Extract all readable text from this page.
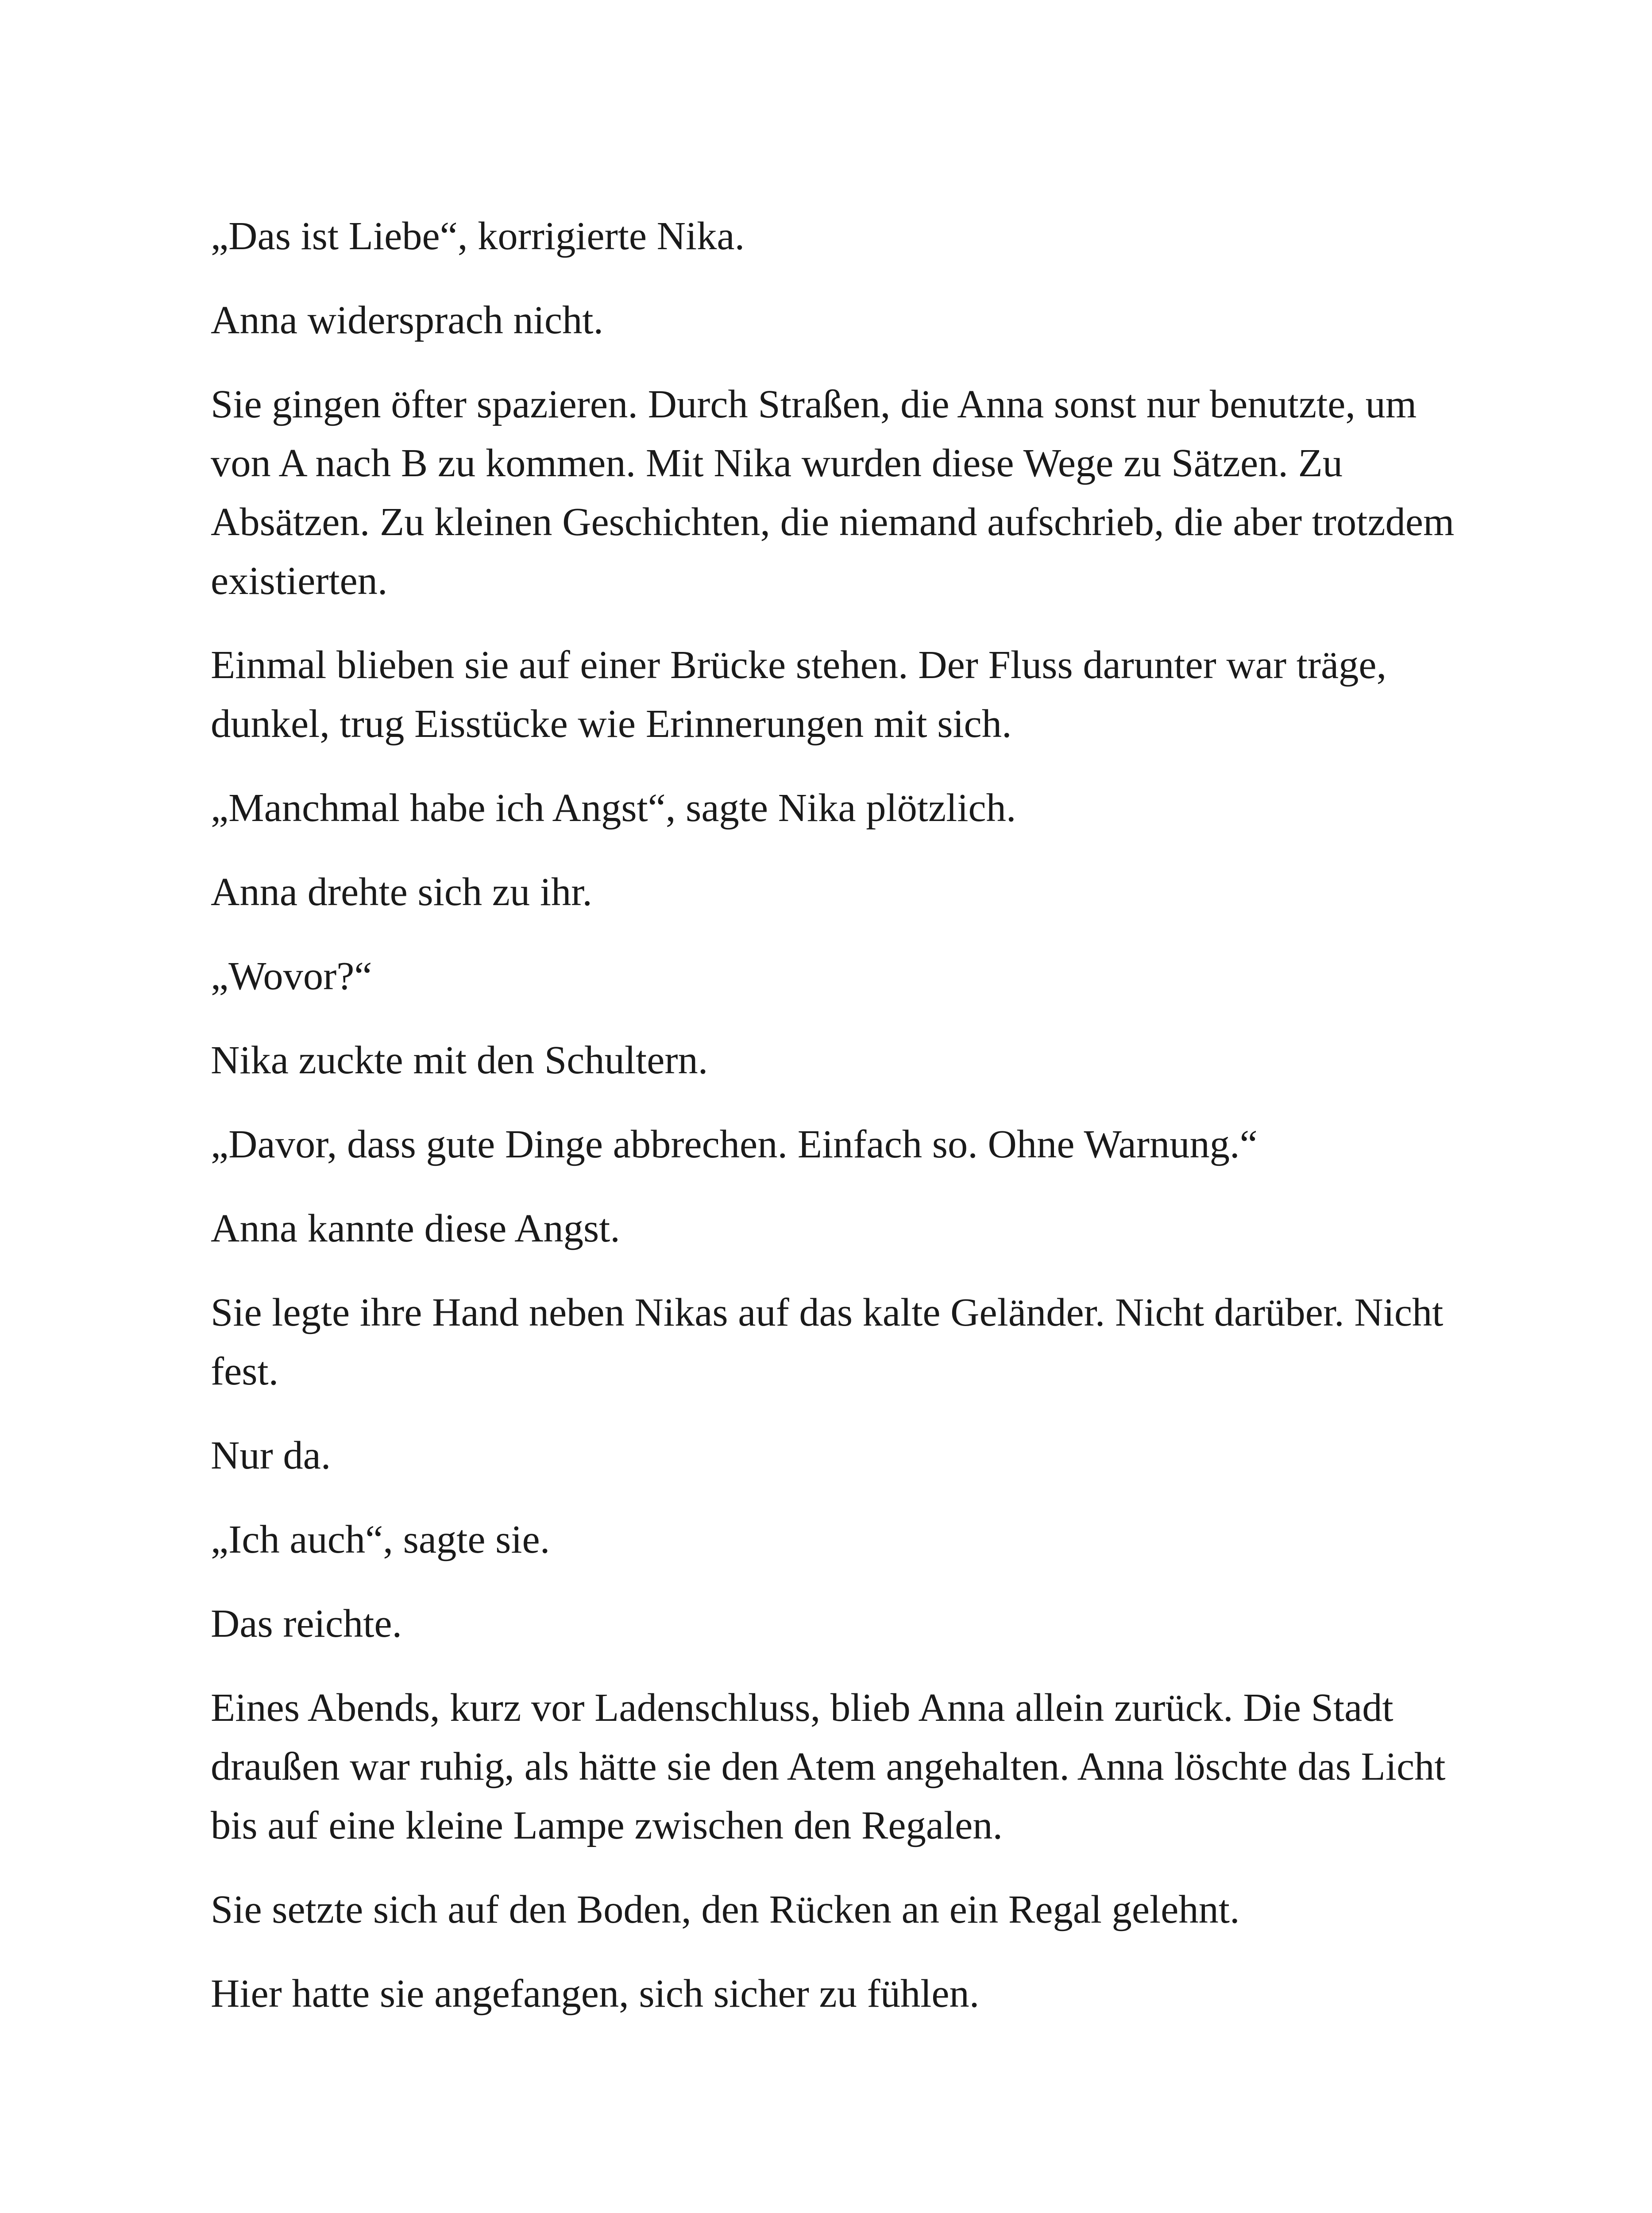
„Das ist Liebe“, korrigierte Nika.

Anna widersprach nicht.

Sie gingen öfter spazieren. Durch Straßen, die Anna sonst nur benutzte, um von A nach B zu kommen. Mit Nika wurden diese Wege zu Sätzen. Zu Absätzen. Zu kleinen Geschichten, die niemand aufschrieb, die aber trotzdem existierten.

Einmal blieben sie auf einer Brücke stehen. Der Fluss darunter war träge, dunkel, trug Eisstücke wie Erinnerungen mit sich.

„Manchmal habe ich Angst“, sagte Nika plötzlich.

Anna drehte sich zu ihr.

„Wovor?“

Nika zuckte mit den Schultern.

„Davor, dass gute Dinge abbrechen. Einfach so. Ohne Warnung.“

Anna kannte diese Angst.

Sie legte ihre Hand neben Nikas auf das kalte Geländer. Nicht darüber. Nicht fest.

Nur da.

„Ich auch“, sagte sie.

Das reichte.

Eines Abends, kurz vor Ladenschluss, blieb Anna allein zurück. Die Stadt draußen war ruhig, als hätte sie den Atem angehalten. Anna löschte das Licht bis auf eine kleine Lampe zwischen den Regalen.

Sie setzte sich auf den Boden, den Rücken an ein Regal gelehnt.

Hier hatte sie angefangen, sich sicher zu fühlen.
